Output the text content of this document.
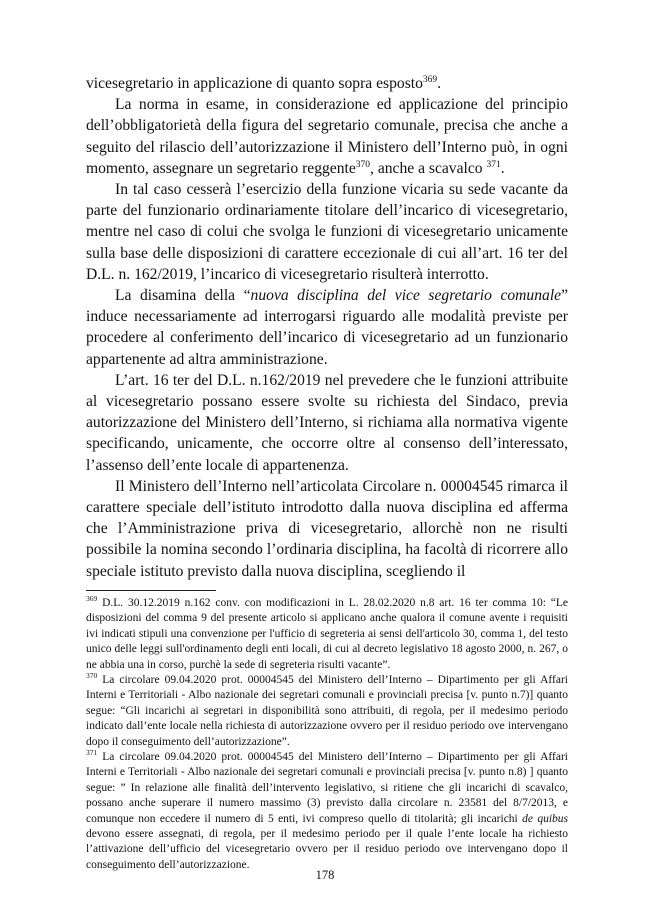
vicesegretario in applicazione di quanto sopra esposto$^{369}$.

La norma in esame, in considerazione ed applicazione del principio dell’obbligatorietà della figura del segretario comunale, precisa che anche a seguito del rilascio dell’autorizzazione il Ministero dell’Interno può, in ogni momento, assegnare un segretario reggente$^{370}$, anche a scavalco $^{371}$.

In tal caso cesserà l’esercizio della funzione vicaria su sede vacante da parte del funzionario ordinariamente titolare dell’incarico di vicesegretario, mentre nel caso di colui che svolga le funzioni di vicesegretario unicamente sulla base delle disposizioni di carattere eccezionale di cui all’art. 16 ter del D.L. n. 162/2019, l’incarico di vicesegretario risulterà interrotto.

La disamina della “nuova disciplina del vice segretario comunale” induce necessariamente ad interrogarsi riguardo alle modalità previste per procedere al conferimento dell’incarico di vicesegretario ad un funzionario appartenente ad altra amministrazione.

L’art. 16 ter del D.L. n.162/2019 nel prevedere che le funzioni attribuite al vicesegretario possano essere svolte su richiesta del Sindaco, previa autorizzazione del Ministero dell’Interno, si richiama alla normativa vigente specificando, unicamente, che occorre oltre al consenso dell’interessato, l’assenso dell’ente locale di appartenenza.

Il Ministero dell’Interno nell’articolata Circolare n. 00004545 rimarca il carattere speciale dell’istituto introdotto dalla nuova disciplina ed afferma che l’Amministrazione priva di vicesegretario, allorchè non ne risulti possibile la nomina secondo l’ordinaria disciplina, ha facoltà di ricorrere allo speciale istituto previsto dalla nuova disciplina, scegliendo il

$^{369}$ D.L. 30.12.2019 n.162 conv. con modificazioni in L. 28.02.2020 n.8 art. 16 ter comma 10: “Le disposizioni del comma 9 del presente articolo si applicano anche qualora il comune avente i requisiti ivi indicati stipuli una convenzione per l'ufficio di segreteria ai sensi dell'articolo 30, comma 1, del testo unico delle leggi sull'ordinamento degli enti locali, di cui al decreto legislativo 18 agosto 2000, n. 267, o ne abbia una in corso, purchè la sede di segreteria risulti vacante”.

$^{370}$ La circolare 09.04.2020 prot. 00004545 del Ministero dell’Interno – Dipartimento per gli Affari Interni e Territoriali - Albo nazionale dei segretari comunali e provinciali precisa [v. punto n.7)] quanto segue: “Gli incarichi ai segretari in disponibilità sono attribuiti, di regola, per il medesimo periodo indicato dall’ente locale nella richiesta di autorizzazione ovvero per il residuo periodo ove intervengano dopo il conseguimento dell’autorizzazione”.

$^{371}$ La circolare 09.04.2020 prot. 00004545 del Ministero dell’Interno – Dipartimento per gli Affari Interni e Territoriali - Albo nazionale dei segretari comunali e provinciali precisa [v. punto n.8) ] quanto segue: ” In relazione alle finalità dell’intervento legislativo, si ritiene che gli incarichi di scavalco, possano anche superare il numero massimo (3) previsto dalla circolare n. 23581 del 8/7/2013, e comunque non eccedere il numero di 5 enti, ivi compreso quello di titolarità; gli incarichi de quibus devono essere assegnati, di regola, per il medesimo periodo per il quale l’ente locale ha richiesto l’attivazione dell’ufficio del vicesegretario ovvero per il residuo periodo ove intervengano dopo il conseguimento dell’autorizzazione.

178
